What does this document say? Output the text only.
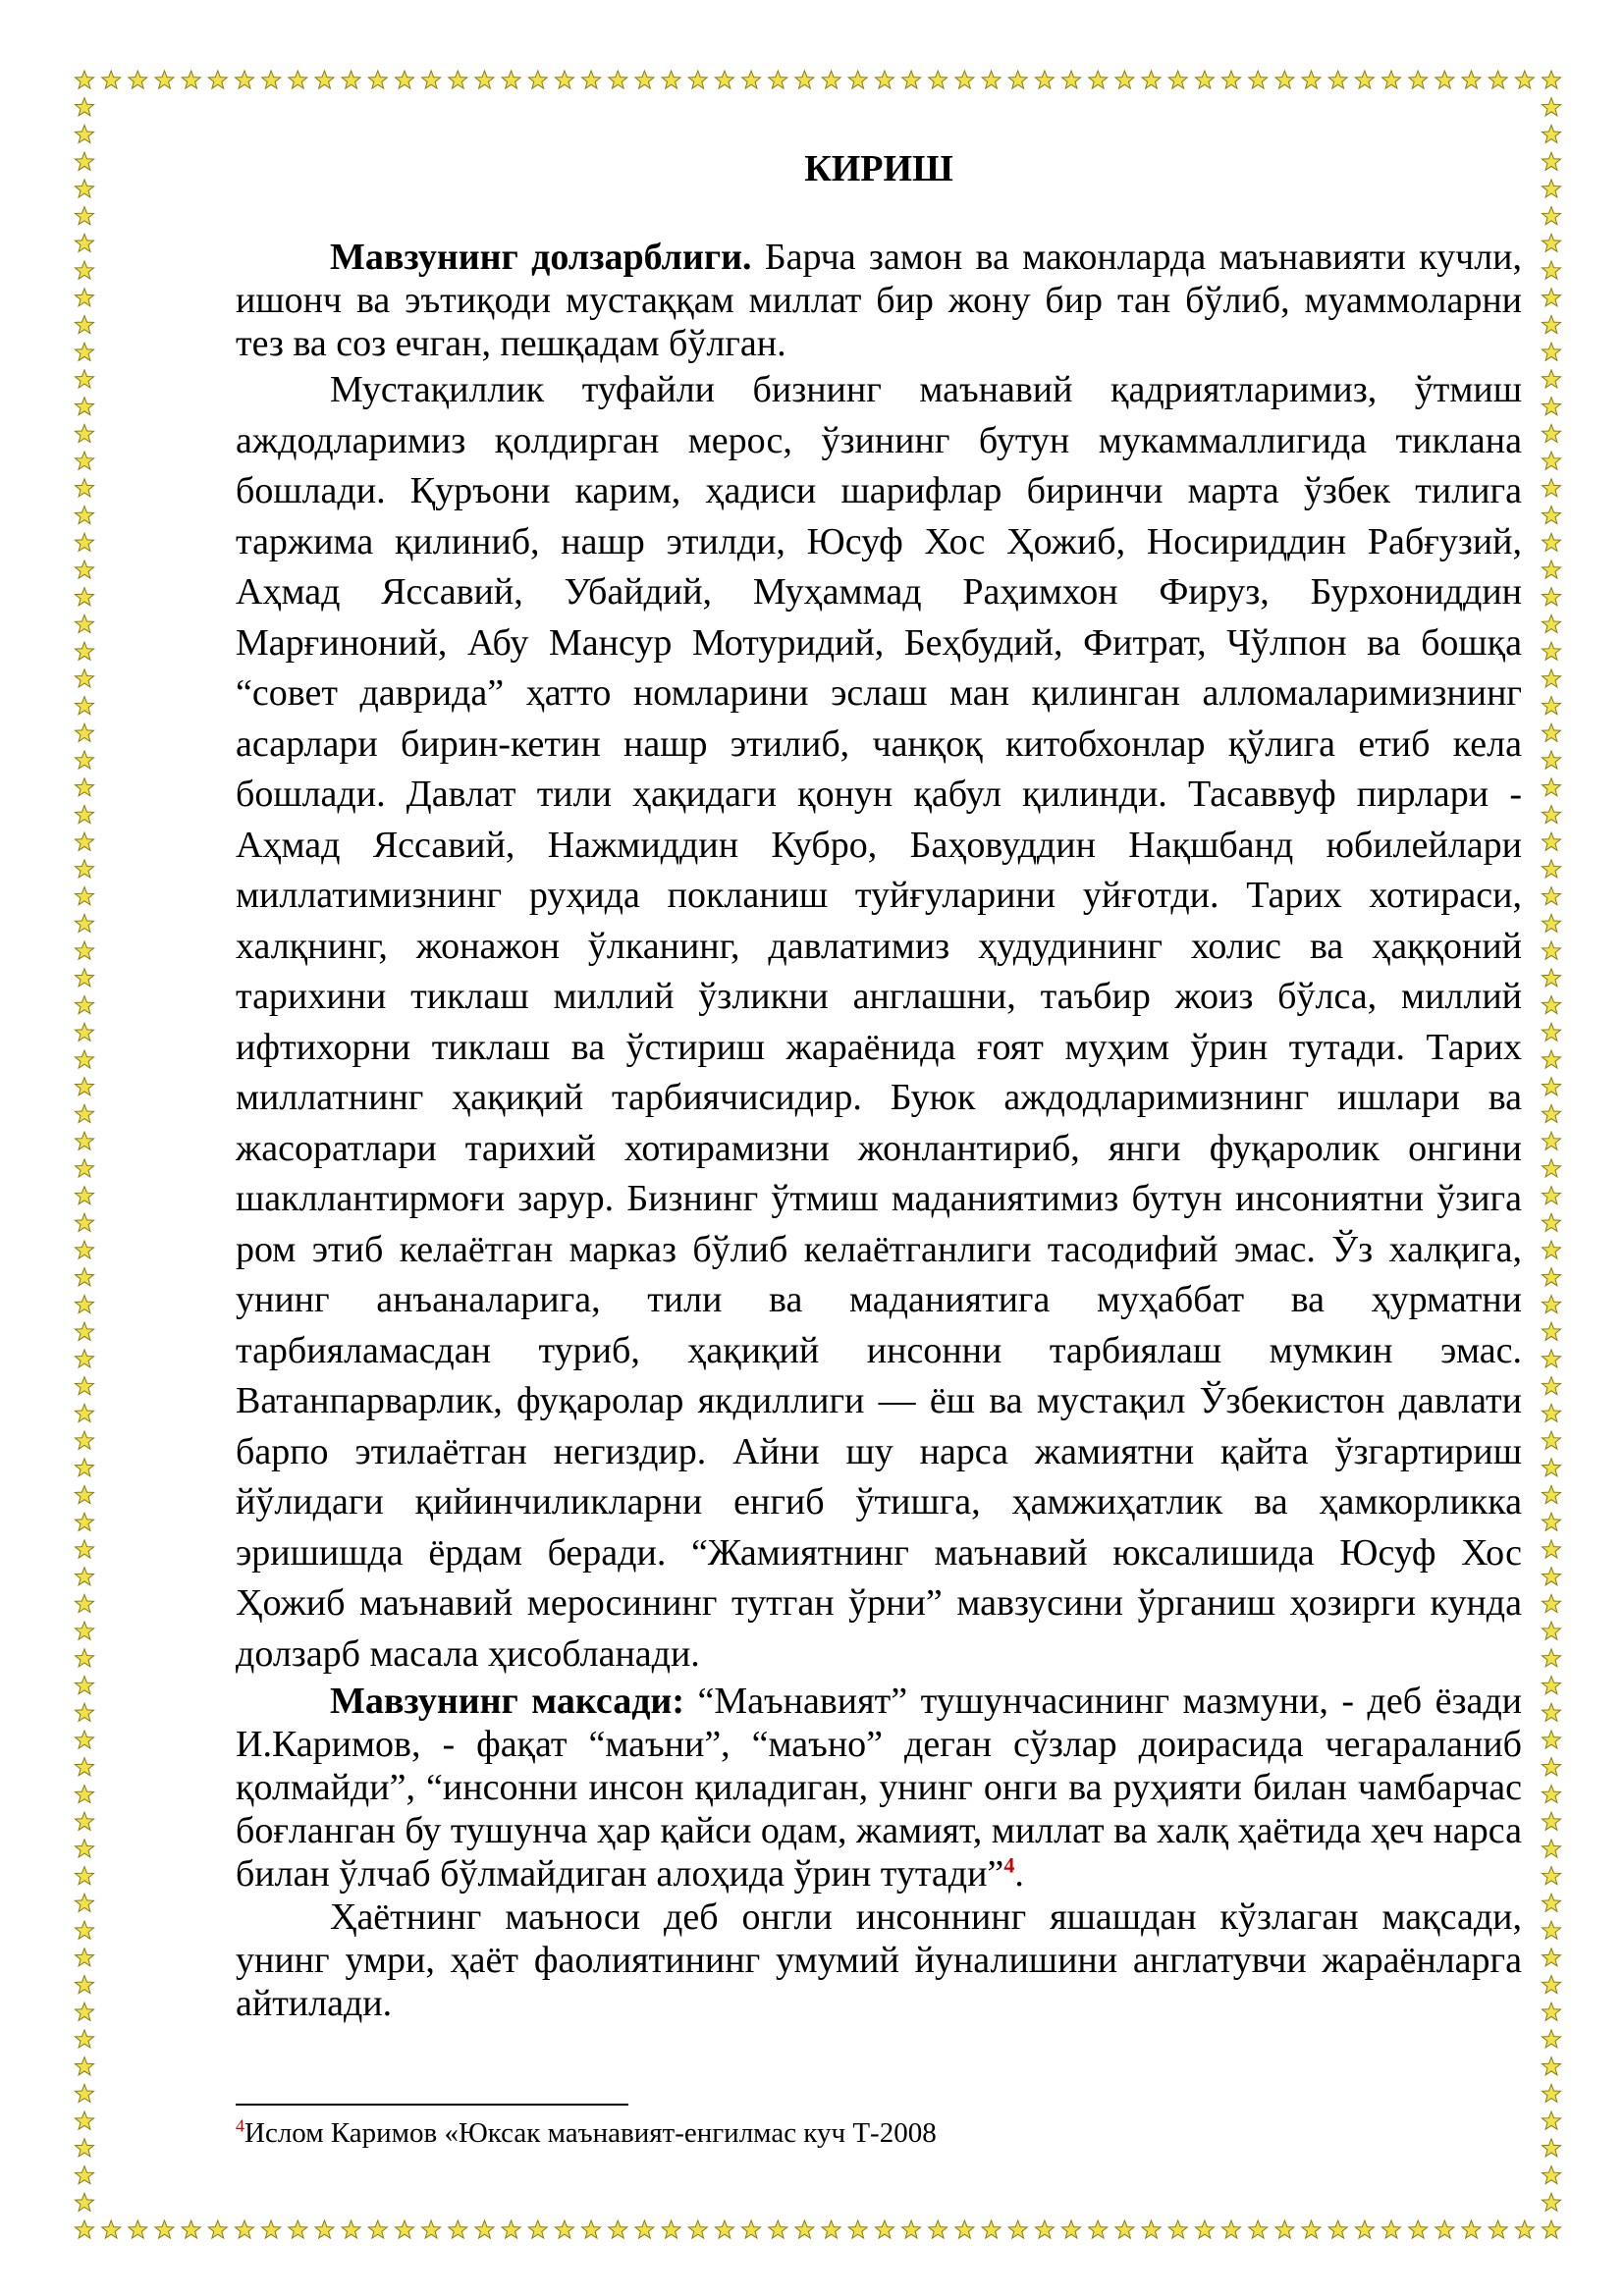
КИРИШ

Мавзунинг долзарблиги. Барча замон ва маконларда маънавияти кучли, ишонч ва эътиқоди мустаққам миллат бир жону бир тан бўлиб, муаммоларни тез ва соз ечган, пешқадам бўлган.

Мустақиллик туфайли бизнинг маънавий қадриятларимиз, ўтмиш аждодларимиз қолдирган мерос, ўзининг бутун мукаммаллигида тиклана бошлади. Қуръони карим, ҳадиси шарифлар биринчи марта ўзбек тилига таржима қилиниб, нашр этилди, Юсуф Хос Ҳожиб, Носириддин Рабғузий, Аҳмад Яссавий, Убайдий, Муҳаммад Раҳимхон Фируз, Бурхониддин Марғиноний, Абу Мансур Мотуридий, Беҳбудий, Фитрат, Чўлпон ва бошқа “совет даврида” ҳатто номларини эслаш ман қилинган алломаларимизнинг асарлари бирин-кетин нашр этилиб, чанқоқ китобхонлар қўлига етиб кела бошлади. Давлат тили ҳақидаги қонун қабул қилинди. Тасаввуф пирлари - Аҳмад Яссавий, Нажмиддин Кубро, Баҳовуддин Нақшбанд юбилейлари миллатимизнинг руҳида покланиш туйғуларини уйғотди. Тарих хотираси, халқнинг, жонажон ўлканинг, давлатимиз ҳудудининг холис ва ҳаққоний тарихини тиклаш миллий ўзликни англашни, таъбир жоиз бўлса, миллий ифтихорни тиклаш ва ўстириш жараёнида ғоят муҳим ўрин тутади. Тарих миллатнинг ҳақиқий тарбиячисидир. Буюк аждодларимизнинг ишлари ва жасоратлари тарихий хотирамизни жонлантириб, янги фуқаролик онгини шакллантирмоғи зарур. Бизнинг ўтмиш маданиятимиз бутун инсониятни ўзига ром этиб келаётган марказ бўлиб келаётганлиги тасодифий эмас. Ўз халқига, унинг анъаналарига, тили ва маданиятига муҳаббат ва ҳурматни тарбияламасдан туриб, ҳақиқий инсонни тарбиялаш мумкин эмас. Ватанпарварлик, фуқаролар якдиллиги — ёш ва мустақил Ўзбекистон давлати барпо этилаётган негиздир. Айни шу нарса жамиятни қайта ўзгартириш йўлидаги қийинчиликларни енгиб ўтишга, ҳамжиҳатлик ва ҳамкорликка эришишда ёрдам беради. “Жамиятнинг маънавий юксалишида Юсуф Хос Ҳожиб маънавий меросининг тутган ўрни” мавзусини ўрганиш ҳозирги кунда долзарб масала ҳисобланади.

Мавзунинг максади: “Маънавият” тушунчасининг мазмуни, - деб ёзади И.Каримов, - фақат “маъни”, “маъно” деган сўзлар доирасида чегараланиб қолмайди”, “инсонни инсон қиладиган, унинг онги ва руҳияти билан чамбарчас боғланган бу тушунча ҳар қайси одам, жамият, миллат ва халқ ҳаётида ҳеч нарса билан ўлчаб бўлмайдиган алоҳида ўрин тутади”$^4$.

Ҳаётнинг маъноси деб онгли инсоннинг яшашдан кўзлаган мақсади, унинг умри, ҳаёт фаолиятининг умумий йуналишини англатувчи жараёнларга айтилади.

$^4$Ислом Каримов «Юксак маънавият-енгилмас куч Т-2008
